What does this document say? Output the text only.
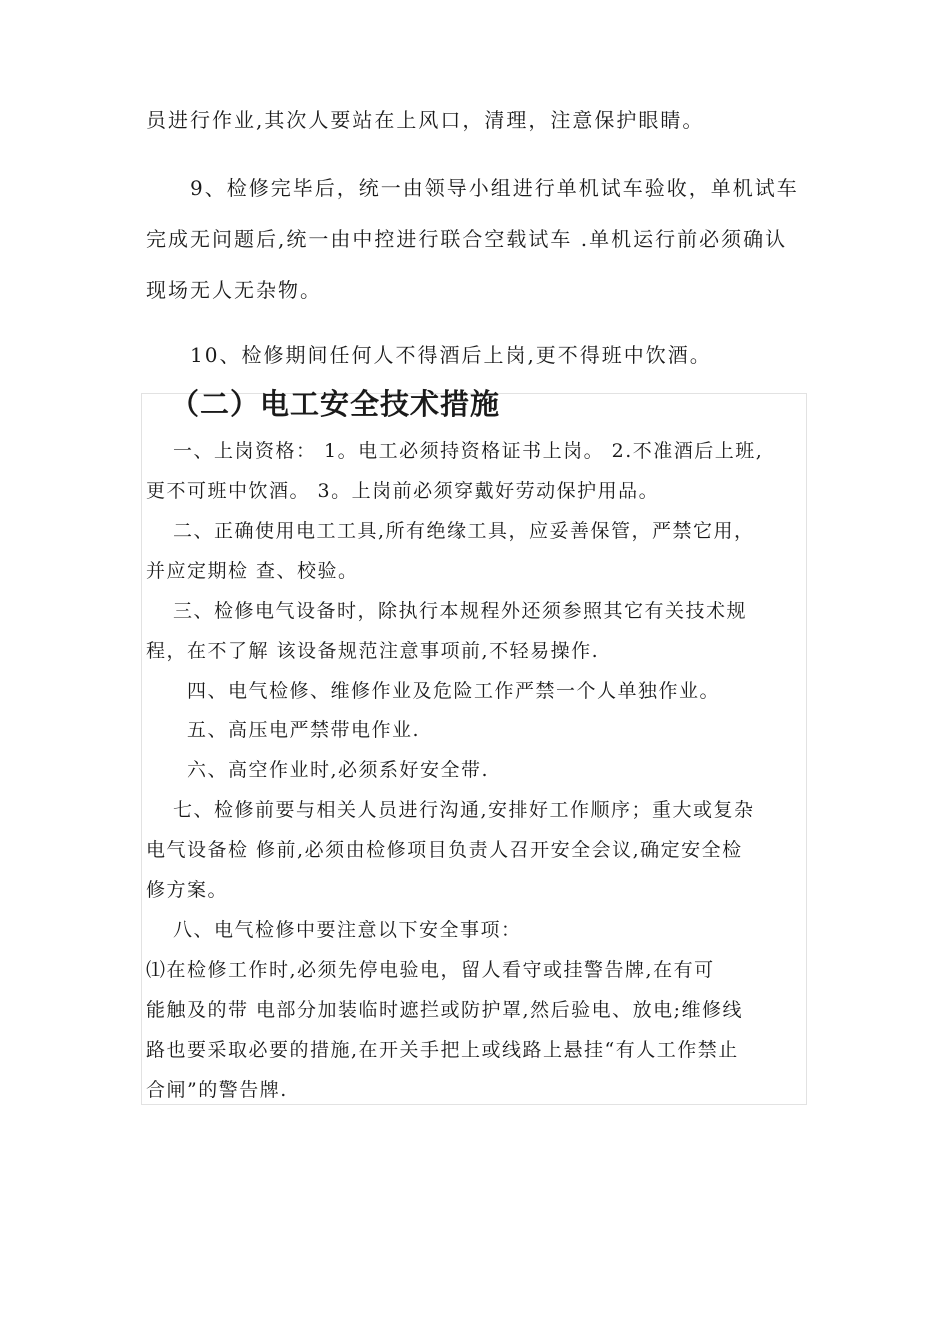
员进行作业,其次人要站在上风口，清理，注意保护眼睛。
9、检修完毕后，统一由领导小组进行单机试车验收，单机试车
完成无问题后,统一由中控进行联合空载试车 .单机运行前必须确认
现场无人无杂物。
10、检修期间任何人不得酒后上岗,更不得班中饮酒。
（二）电工安全技术措施
一、上岗资格： 1。电工必须持资格证书上岗。 2.不准酒后上班,
更不可班中饮酒。 3。上岗前必须穿戴好劳动保护用品。
二、正确使用电工工具,所有绝缘工具，应妥善保管，严禁它用，
并应定期检 查、校验。
三、检修电气设备时，除执行本规程外还须参照其它有关技术规
程，在不了解 该设备规范注意事项前,不轻易操作.
四、电气检修、维修作业及危险工作严禁一个人单独作业。
五、高压电严禁带电作业.
六、高空作业时,必须系好安全带.
七、检修前要与相关人员进行沟通,安排好工作顺序；重大或复杂
电气设备检 修前,必须由检修项目负责人召开安全会议,确定安全检
修方案。
八、电气检修中要注意以下安全事项：
⑴在检修工作时,必须先停电验电，留人看守或挂警告牌,在有可
能触及的带 电部分加装临时遮拦或防护罩,然后验电、放电;维修线
路也要采取必要的措施,在开关手把上或线路上悬挂“有人工作禁止
合闸”的警告牌.
